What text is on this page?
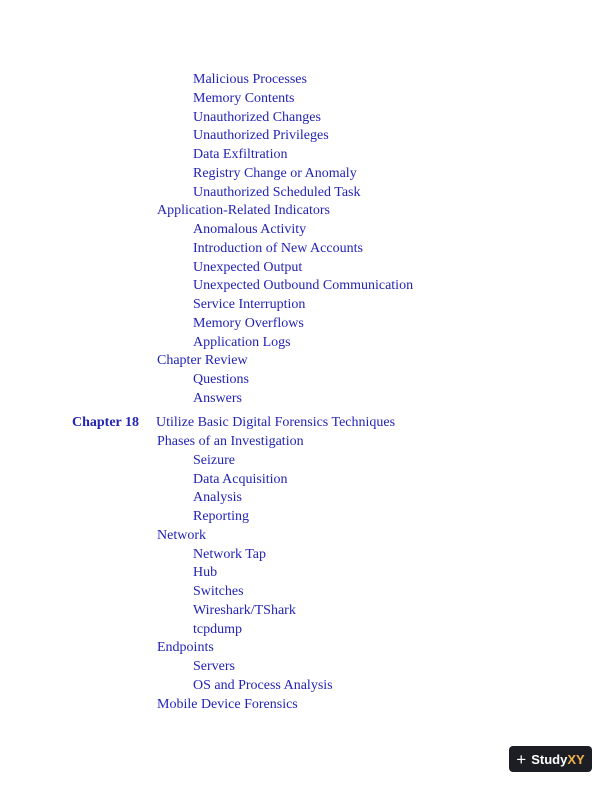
Malicious Processes
Memory Contents
Unauthorized Changes
Unauthorized Privileges
Data Exfiltration
Registry Change or Anomaly
Unauthorized Scheduled Task
Application-Related Indicators
Anomalous Activity
Introduction of New Accounts
Unexpected Output
Unexpected Outbound Communication
Service Interruption
Memory Overflows
Application Logs
Chapter Review
Questions
Answers
Chapter 18 Utilize Basic Digital Forensics Techniques
Phases of an Investigation
Seizure
Data Acquisition
Analysis
Reporting
Network
Network Tap
Hub
Switches
Wireshark/TShark
tcpdump
Endpoints
Servers
OS and Process Analysis
Mobile Device Forensics
+ Study XY
